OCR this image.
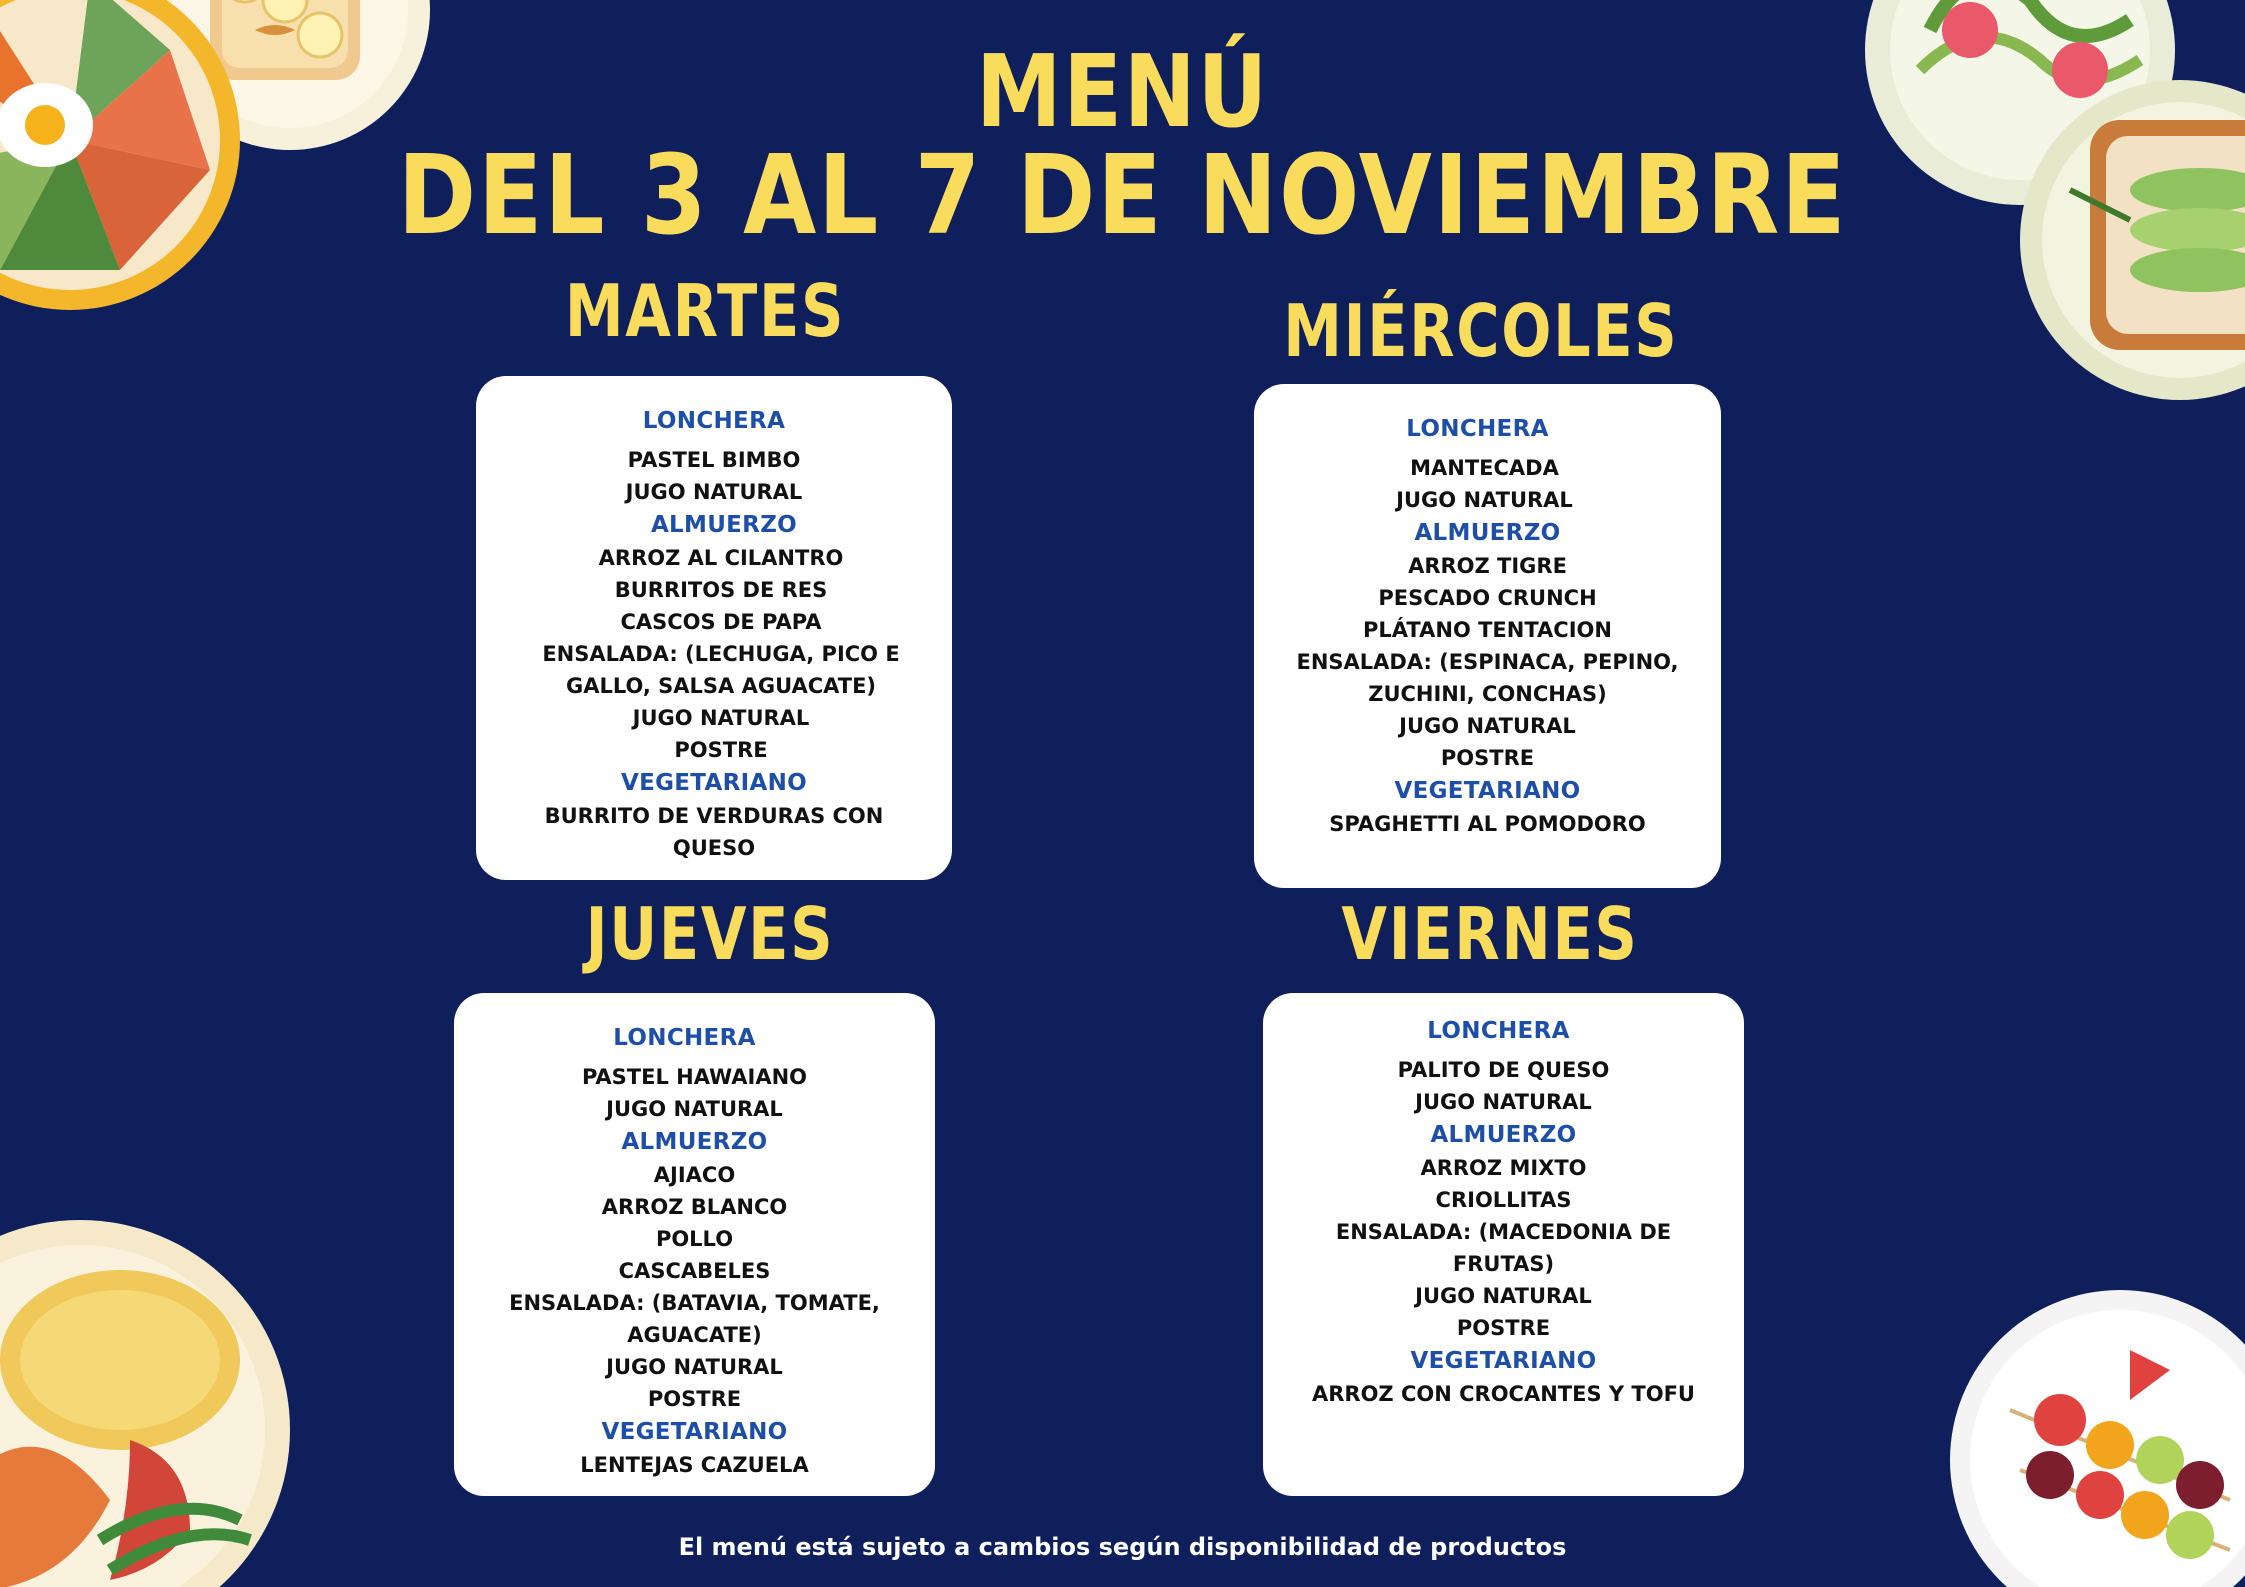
MENÚ
DEL 3 AL 7 DE NOVIEMBRE
MARTES	MIÉRCOLES
JUEVES	VIERNES
LONCHERA
PASTEL BIMBO
JUGO NATURAL
ALMUERZO
ARROZ AL CILANTRO
BURRITOS DE RES
CASCOS DE PAPA
ENSALADA: (LECHUGA, PICO E
GALLO, SALSA AGUACATE)
JUGO NATURAL
POSTRE
VEGETARIANO
BURRITO DE VERDURAS CON
QUESO
LONCHERA
MANTECADA
JUGO NATURAL
ALMUERZO
ARROZ TIGRE
PESCADO CRUNCH
PLÁTANO TENTACION
ENSALADA: (ESPINACA, PEPINO,
ZUCHINI, CONCHAS)
JUGO NATURAL
POSTRE
VEGETARIANO
SPAGHETTI AL POMODORO
LONCHERA
PASTEL HAWAIANO
JUGO NATURAL
ALMUERZO
AJIACO
ARROZ BLANCO
POLLO
CASCABELES
ENSALADA: (BATAVIA, TOMATE,
AGUACATE)
JUGO NATURAL
POSTRE
VEGETARIANO
LENTEJAS CAZUELA
LONCHERA
PALITO DE QUESO
JUGO NATURAL
ALMUERZO
ARROZ MIXTO
CRIOLLITAS
ENSALADA: (MACEDONIA DE
FRUTAS)
JUGO NATURAL
POSTRE
VEGETARIANO
ARROZ CON CROCANTES Y TOFU
El menú está sujeto a cambios según disponibilidad de productos
